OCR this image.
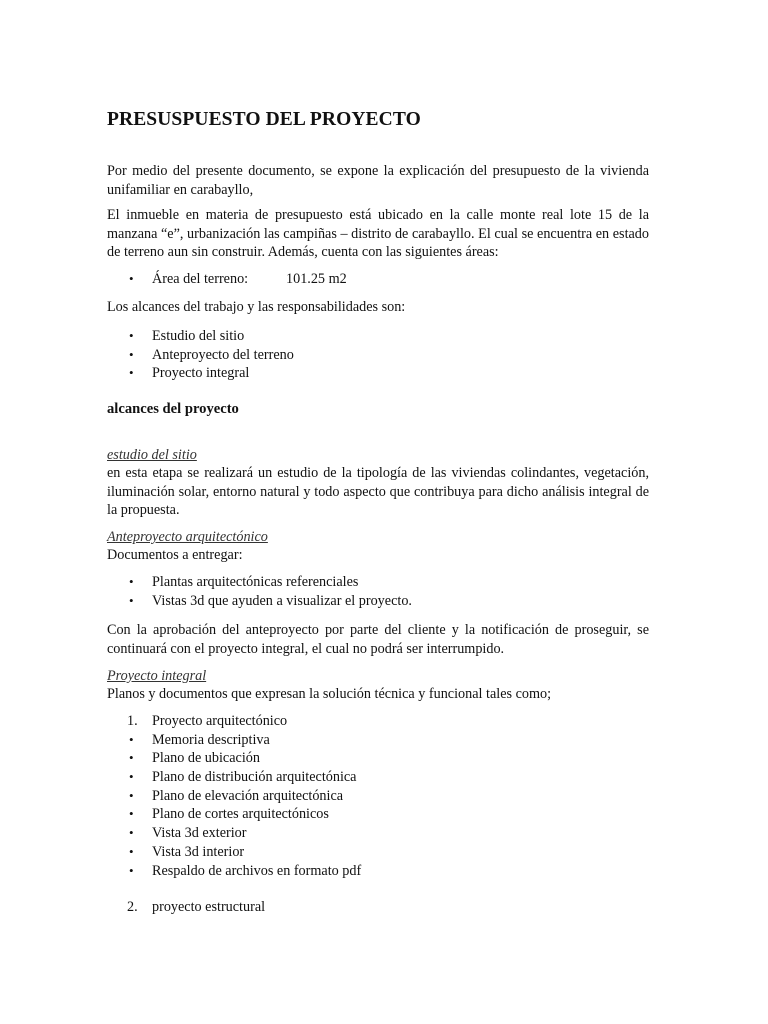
PRESUSPUESTO DEL PROYECTO
Por medio del presente documento, se expone la explicación del presupuesto de la vivienda unifamiliar en carabayllo,
El inmueble en materia de presupuesto está ubicado en la calle monte real lote 15 de la manzana “e”, urbanización las campiñas – distrito de carabayllo. El cual se encuentra en estado de terreno aun sin construir. Además, cuenta con las siguientes áreas:
• Área del terreno:	101.25 m2
Los alcances del trabajo y las responsabilidades son:
• Estudio del sitio
• Anteproyecto del terreno
• Proyecto integral
alcances del proyecto
estudio del sitio
en esta etapa se realizará un estudio de la tipología de las viviendas colindantes, vegetación, iluminación solar, entorno natural y todo aspecto que contribuya para dicho análisis integral de la propuesta.
Anteproyecto arquitectónico
Documentos a entregar:
• Plantas arquitectónicas referenciales
• Vistas 3d que ayuden a visualizar el proyecto.
Con la aprobación del anteproyecto por parte del cliente y la notificación de proseguir, se continuará con el proyecto integral, el cual no podrá ser interrumpido.
Proyecto integral
Planos y documentos que expresan la solución técnica y funcional tales como;
1. Proyecto arquitectónico
• Memoria descriptiva
• Plano de ubicación
• Plano de distribución arquitectónica
• Plano de elevación arquitectónica
• Plano de cortes arquitectónicos
• Vista 3d exterior
• Vista 3d interior
• Respaldo de archivos en formato pdf
2. proyecto estructural
